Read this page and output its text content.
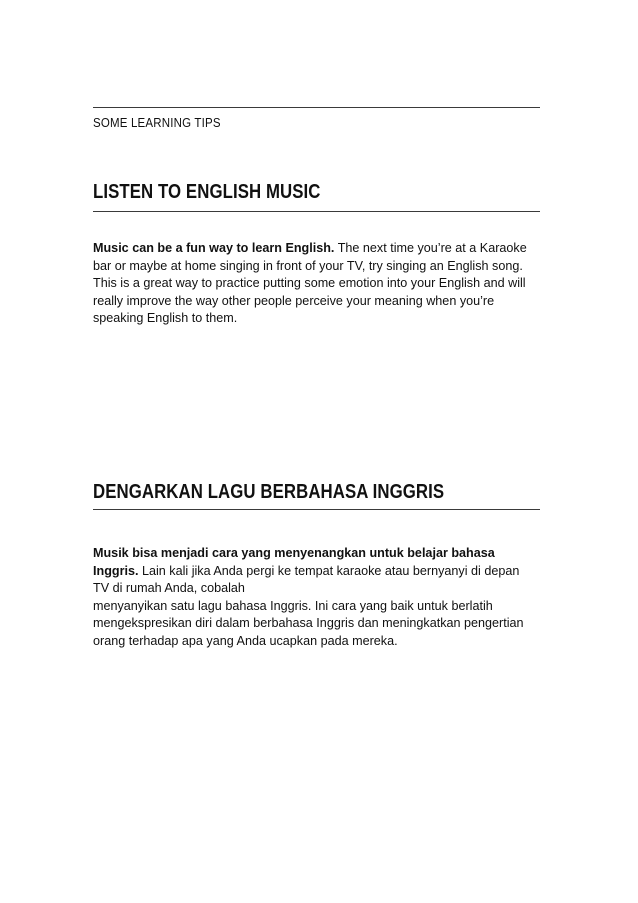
SOME LEARNING TIPS
LISTEN TO ENGLISH MUSIC
Music can be a fun way to learn English. The next time you’re at a Karaoke
bar or maybe at home singing in front of your TV, try singing an English song.
This is a great way to practice putting some emotion into your English and will
really improve the way other people perceive your meaning when you’re
speaking English to them.
DENGARKAN LAGU BERBAHASA INGGRIS
Musik bisa menjadi cara yang menyenangkan untuk belajar bahasa
Inggris. Lain kali jika Anda pergi ke tempat karaoke atau bernyanyi di depan
TV di rumah Anda, cobalah
menyanyikan satu lagu bahasa Inggris. Ini cara yang baik untuk berlatih
mengekspresikan diri dalam berbahasa Inggris dan meningkatkan pengertian
orang terhadap apa yang Anda ucapkan pada mereka.
